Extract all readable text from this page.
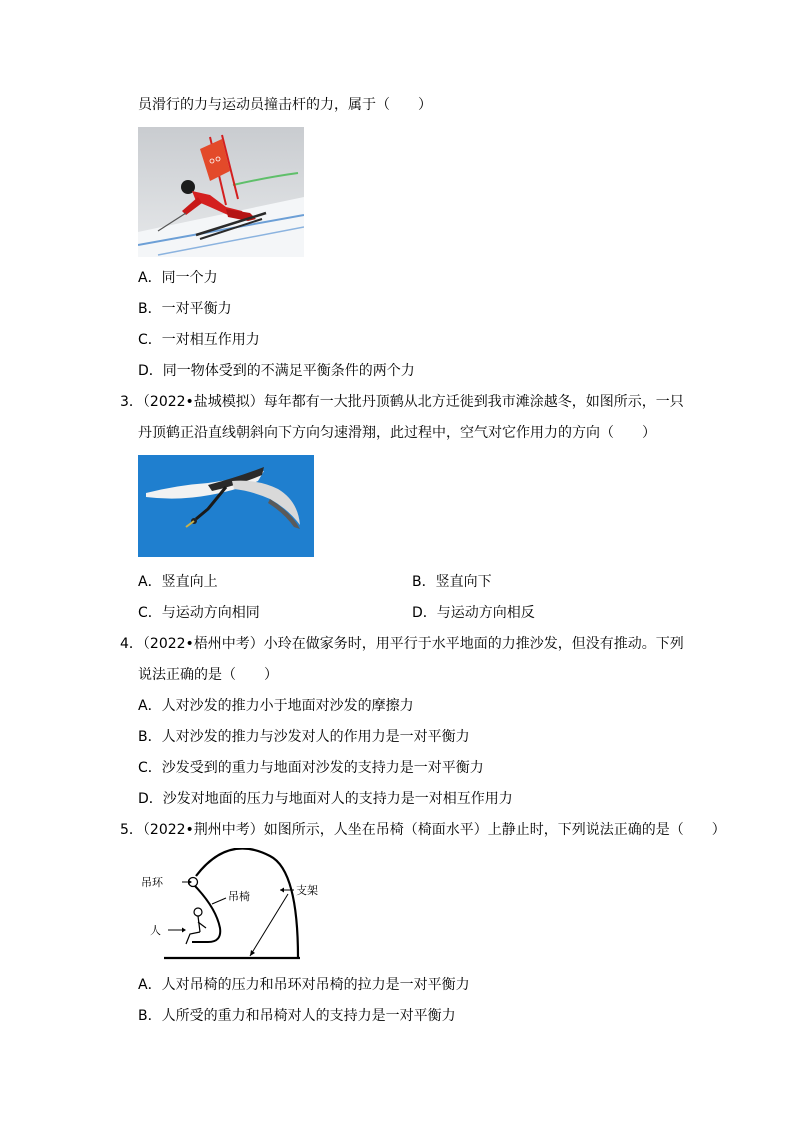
员滑行的力与运动员撞击杆的力，属于（　　）
A．同一个力
B．一对平衡力
C．一对相互作用力
D．同一物体受到的不满足平衡条件的两个力
3．（2022•盐城模拟）每年都有一大批丹顶鹤从北方迁徙到我市滩涂越冬，如图所示，一只
丹顶鹤正沿直线朝斜向下方向匀速滑翔，此过程中，空气对它作用力的方向（　　）
A．竖直向上	B．竖直向下
C．与运动方向相同	D．与运动方向相反
4．（2022•梧州中考）小玲在做家务时，用平行于水平地面的力推沙发，但没有推动。下列
说法正确的是（　　）
A．人对沙发的推力小于地面对沙发的摩擦力
B．人对沙发的推力与沙发对人的作用力是一对平衡力
C．沙发受到的重力与地面对沙发的支持力是一对平衡力
D．沙发对地面的压力与地面对人的支持力是一对相互作用力
5．（2022•荆州中考）如图所示，人坐在吊椅（椅面水平）上静止时，下列说法正确的是（　　）
吊环
吊椅	支架
人
A．人对吊椅的压力和吊环对吊椅的拉力是一对平衡力
B．人所受的重力和吊椅对人的支持力是一对平衡力
